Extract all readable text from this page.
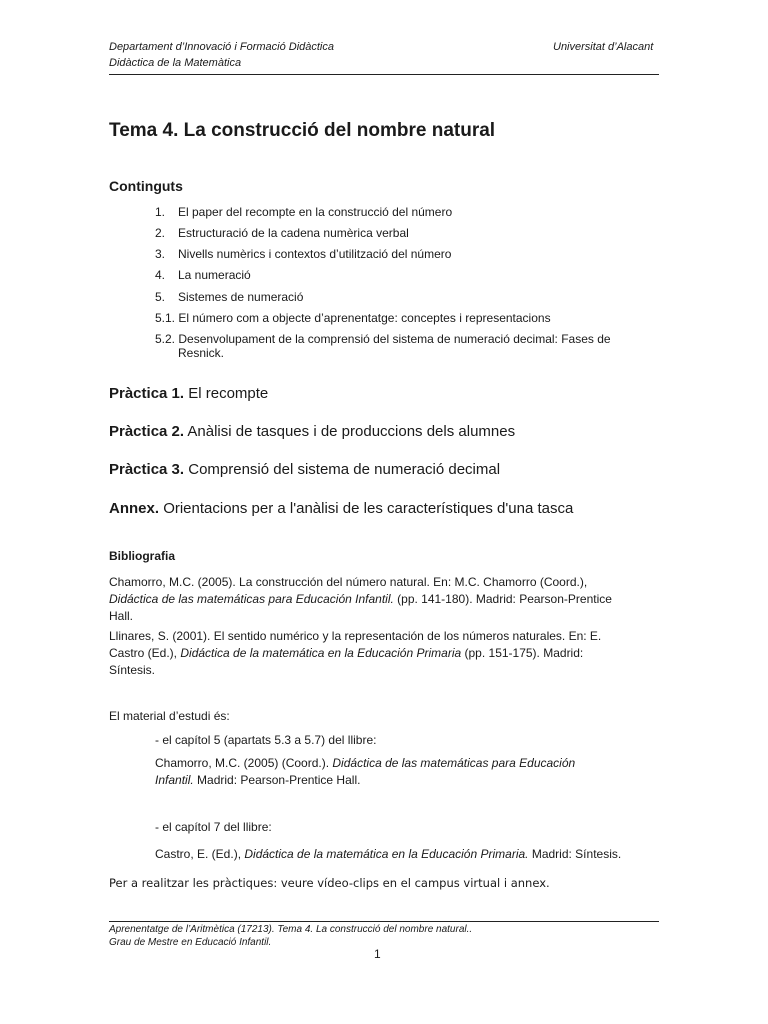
Departament d’Innovació i Formació Didàctica
Didàctica de la Matemàtica
Universitat d’Alacant
Tema 4. La construcció del nombre natural
Continguts
1. El paper del recompte en la construcció del número
2. Estructuració de la cadena numèrica verbal
3. Nivells numèrics i contextos d’utilització del número
4. La numeració
5. Sistemes de numeració
5.1. El número com a objecte d’aprenentatge: conceptes i representacions
5.2. Desenvolupament de la comprensió del sistema de numeració decimal: Fases de
Resnick.
Pràctica 1. El recompte
Pràctica 2. Anàlisi de tasques i de produccions dels alumnes
Pràctica 3. Comprensió del sistema de numeració decimal
Annex. Orientacions per a l'anàlisi de les característiques d'una tasca
Bibliografia
Chamorro, M.C. (2005). La construcción del número natural. En: M.C. Chamorro (Coord.),
Didáctica de las matemáticas para Educación Infantil. (pp. 141-180). Madrid: Pearson-Prentice
Hall.
Llinares, S. (2001). El sentido numérico y la representación de los números naturales. En: E.
Castro (Ed.), Didáctica de la matemática en la Educación Primaria (pp. 151-175). Madrid:
Síntesis.
El material d’estudi és:
- el capítol 5 (apartats 5.3 a 5.7) del llibre:
Chamorro, M.C. (2005) (Coord.). Didáctica de las matemáticas para Educación
Infantil. Madrid: Pearson-Prentice Hall.
- el capítol 7 del llibre:
Castro, E. (Ed.), Didáctica de la matemática en la Educación Primaria. Madrid: Síntesis.
Per a realitzar les pràctiques: veure vídeo-clips en el campus virtual i annex.
Aprenentatge de l’Aritmètica (17213). Tema 4. La construcció del nombre natural..
Grau de Mestre en Educació Infantil.
1
